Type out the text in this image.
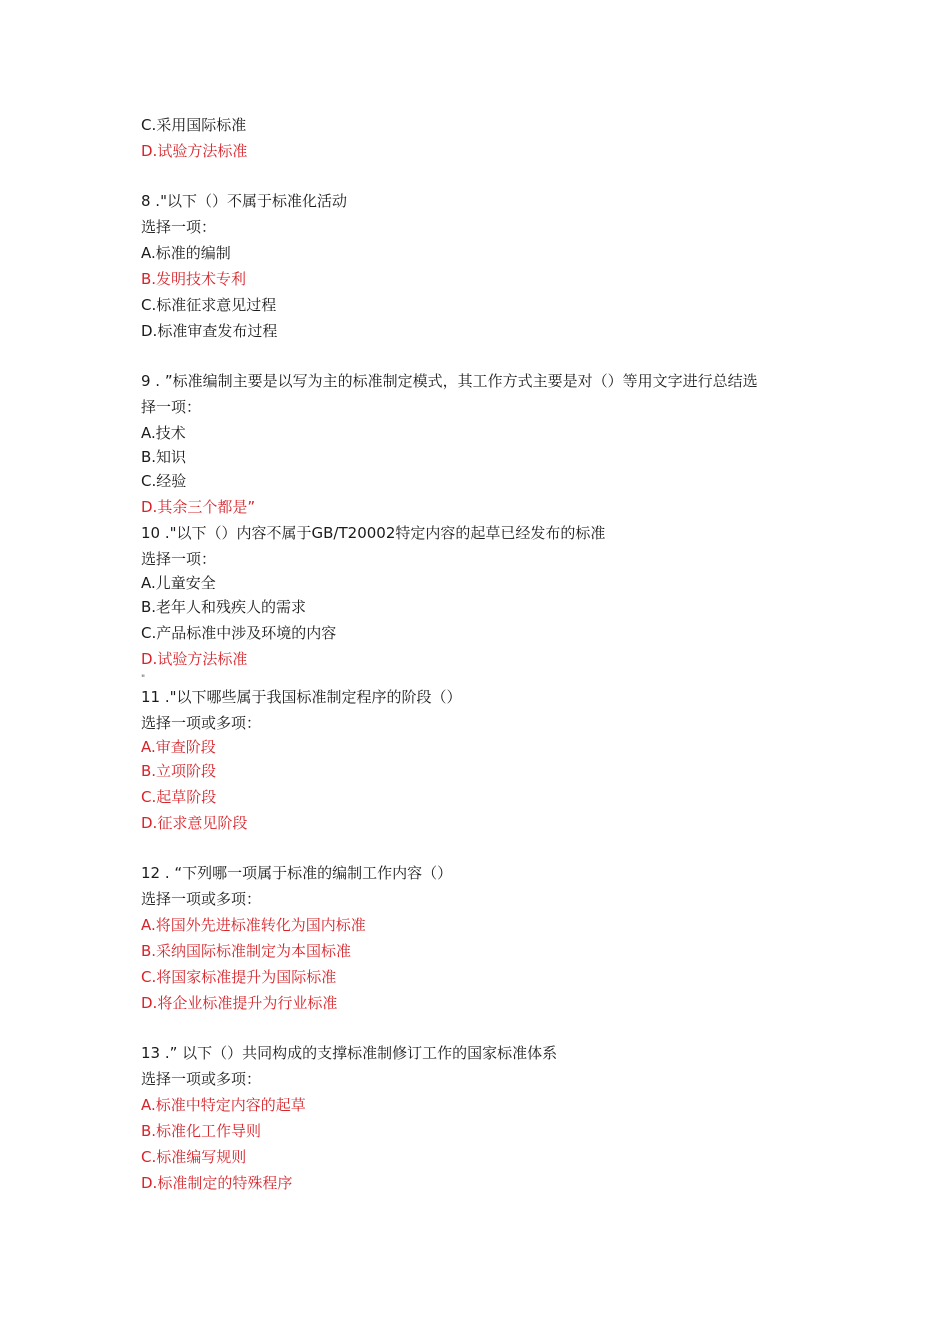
C.采用国际标准
D.试验方法标准
8 ."以下（）不属于标准化活动
选择一项：
A.标准的编制
B.发明技术专利
C.标准征求意见过程
D.标准审查发布过程
9 . ”标准编制主要是以写为主的标准制定模式，其工作方式主要是对（）等用文字进行总结选
择一项：
A.技术
B.知识
C.经验
D.其余三个都是”
10 ."以下（）内容不属于GB/T20002特定内容的起草已经发布的标准
选择一项：
A.儿童安全
B.老年人和残疾人的需求
C.产品标准中涉及环境的内容
D.试验方法标准
"
11 ."以下哪些属于我国标准制定程序的阶段（）
选择一项或多项：
A.审查阶段
B.立项阶段
C.起草阶段
D.征求意见阶段
12 . “下列哪一项属于标准的编制工作内容（）
选择一项或多项：
A.将国外先进标准转化为国内标准
B.采纳国际标准制定为本国标准
C.将国家标准提升为国际标准
D.将企业标准提升为行业标准
13 .” 以下（）共同构成的支撑标准制修订工作的国家标准体系
选择一项或多项：
A.标准中特定内容的起草
B.标准化工作导则
C.标准编写规则
D.标准制定的特殊程序
